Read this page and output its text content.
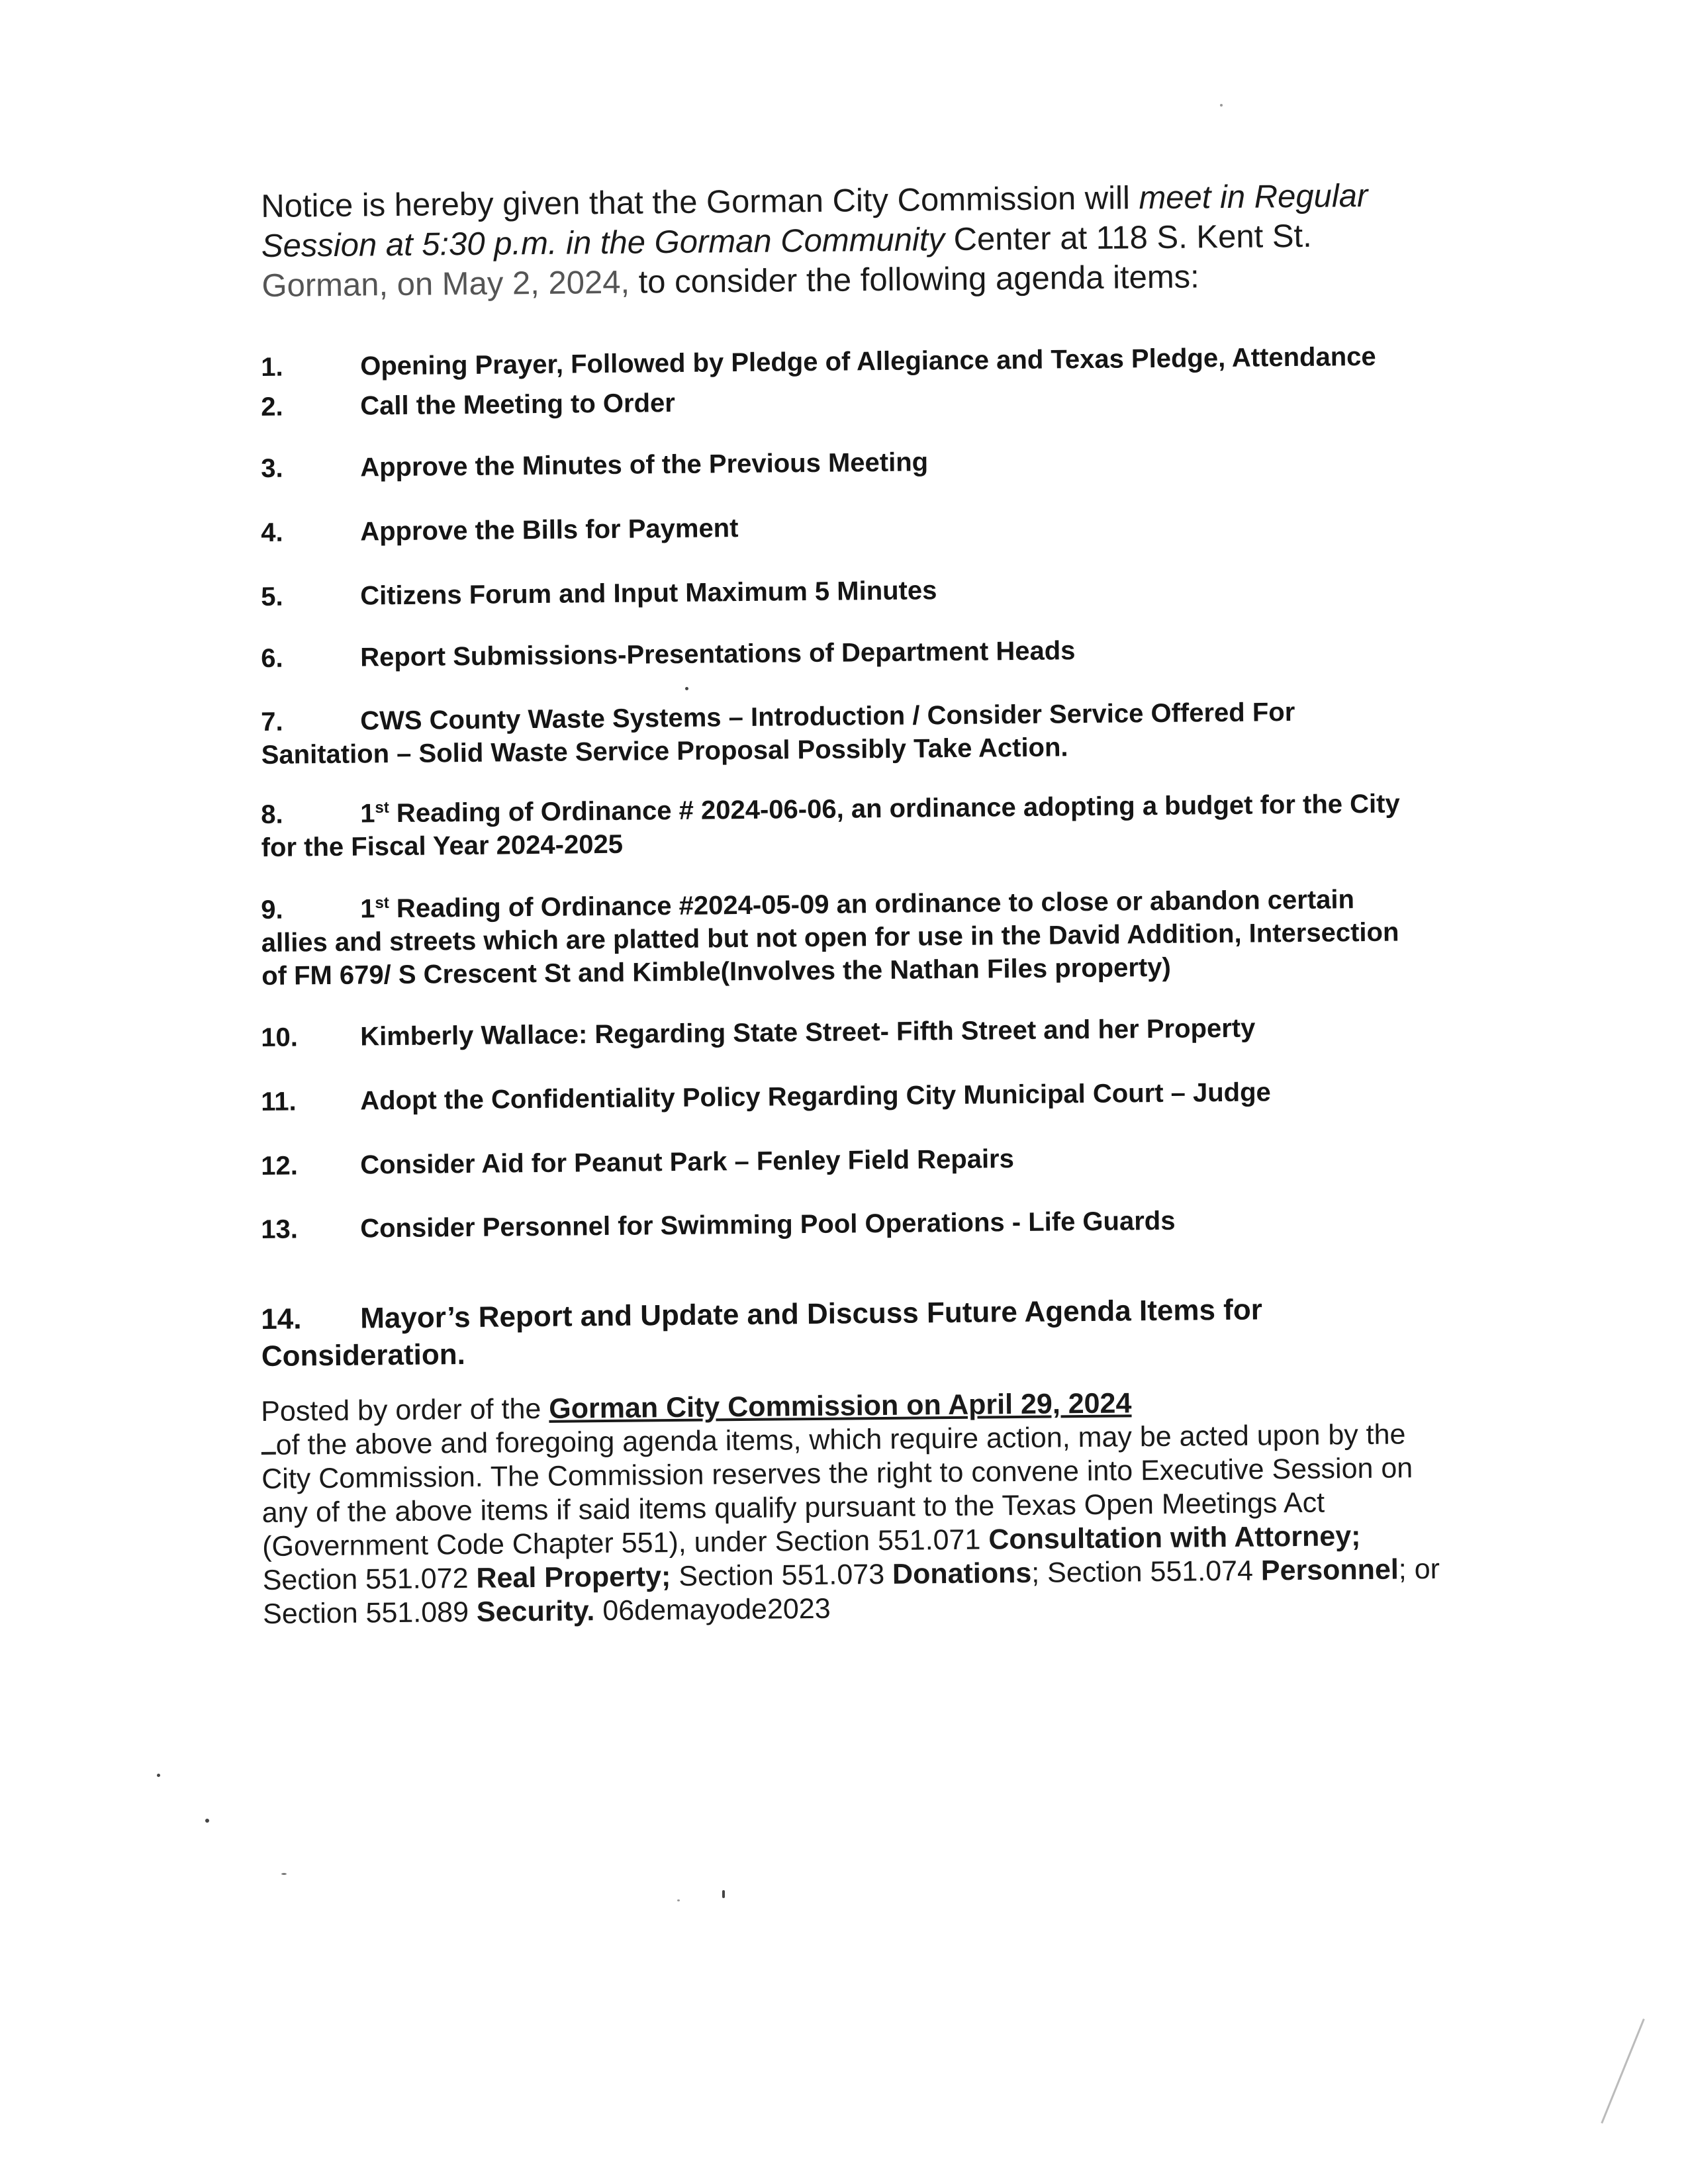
Notice is hereby given that the Gorman City Commission will meet in Regular Session at 5:30 p.m. in the Gorman Community Center at 118 S. Kent St. Gorman, on May 2, 2024, to consider the following agenda items:
1.	Opening Prayer, Followed by Pledge of Allegiance and Texas Pledge, Attendance
2.	Call the Meeting to Order
3.	Approve the Minutes of the Previous Meeting
4.	Approve the Bills for Payment
5.	Citizens Forum and Input Maximum 5 Minutes
6.	Report Submissions-Presentations of Department Heads
7.	CWS County Waste Systems – Introduction / Consider Service Offered For
Sanitation – Solid Waste Service Proposal Possibly Take Action.
8.	1st Reading of Ordinance # 2024-06-06, an ordinance adopting a budget for the City
for the Fiscal Year 2024-2025
9.	1st Reading of Ordinance #2024-05-09 an ordinance to close or abandon certain
allies and streets which are platted but not open for use in the David Addition, Intersection
of FM 679/ S Crescent St and Kimble(Involves the Nathan Files property)
10. Kimberly Wallace: Regarding State Street- Fifth Street and her Property
11. Adopt the Confidentiality Policy Regarding City Municipal Court – Judge
12. Consider Aid for Peanut Park – Fenley Field Repairs
13. Consider Personnel for Swimming Pool Operations - Life Guards
14. Mayor’s Report and Update and Discuss Future Agenda Items for
Consideration.
Posted by order of the Gorman City Commission on April 29, 2024
of the above and foregoing agenda items, which require action, may be acted upon by the City Commission. The Commission reserves the right to convene into Executive Session on any of the above items if said items qualify pursuant to the Texas Open Meetings Act (Government Code Chapter 551), under Section 551.071 Consultation with Attorney; Section 551.072 Real Property; Section 551.073 Donations; Section 551.074 Personnel; or Section 551.089 Security. 06demayode2023
